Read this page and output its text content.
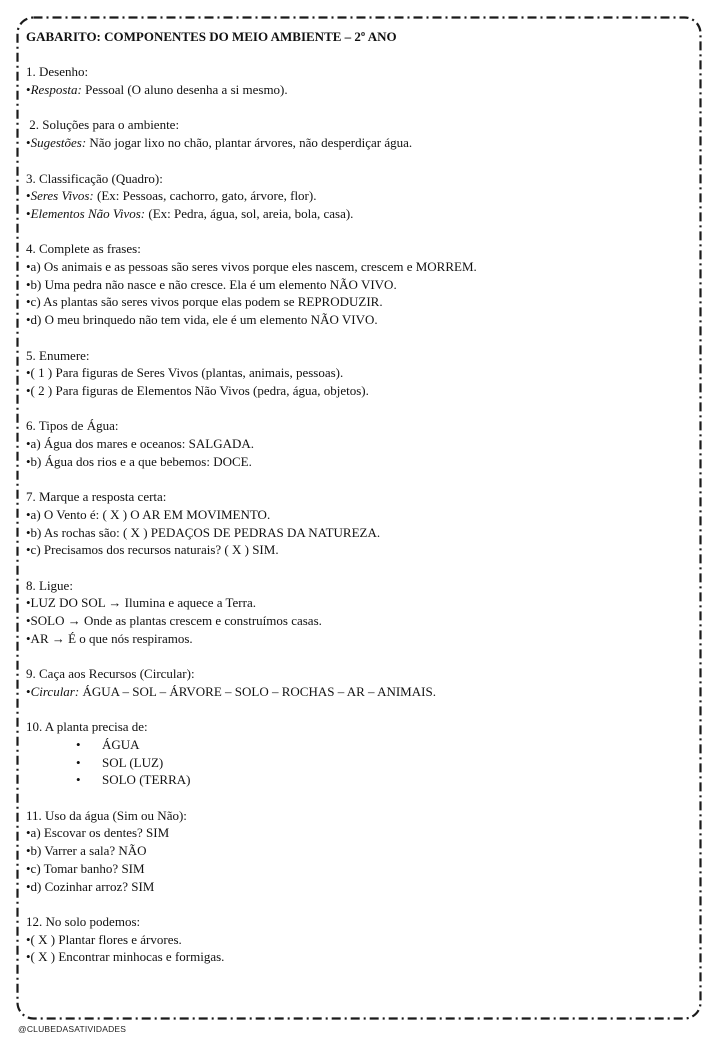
GABARITO: COMPONENTES DO MEIO AMBIENTE – 2º ANO
1. Desenho:
•Resposta: Pessoal (O aluno desenha a si mesmo).
2. Soluções para o ambiente:
•Sugestões: Não jogar lixo no chão, plantar árvores, não desperdiçar água.
3. Classificação (Quadro):
•Seres Vivos: (Ex: Pessoas, cachorro, gato, árvore, flor).
•Elementos Não Vivos: (Ex: Pedra, água, sol, areia, bola, casa).
4. Complete as frases:
•a) Os animais e as pessoas são seres vivos porque eles nascem, crescem e MORREM.
•b) Uma pedra não nasce e não cresce. Ela é um elemento NÃO VIVO.
•c) As plantas são seres vivos porque elas podem se REPRODUZIR.
•d) O meu brinquedo não tem vida, ele é um elemento NÃO VIVO.
5. Enumere:
•( 1 ) Para figuras de Seres Vivos (plantas, animais, pessoas).
•( 2 ) Para figuras de Elementos Não Vivos (pedra, água, objetos).
6. Tipos de Água:
•a) Água dos mares e oceanos: SALGADA.
•b) Água dos rios e a que bebemos: DOCE.
7. Marque a resposta certa:
•a) O Vento é: ( X ) O AR EM MOVIMENTO.
•b) As rochas são: ( X ) PEDAÇOS DE PEDRAS DA NATUREZA.
•c) Precisamos dos recursos naturais? ( X ) SIM.
8. Ligue:
•LUZ DO SOL → Ilumina e aquece a Terra.
•SOLO → Onde as plantas crescem e construímos casas.
•AR → É o que nós respiramos.
9. Caça aos Recursos (Circular):
•Circular: ÁGUA – SOL – ÁRVORE – SOLO – ROCHAS – AR – ANIMAIS.
10. A planta precisa de:
• ÁGUA
• SOL (LUZ)
• SOLO (TERRA)
11. Uso da água (Sim ou Não):
•a) Escovar os dentes? SIM
•b) Varrer a sala? NÃO
•c) Tomar banho? SIM
•d) Cozinhar arroz? SIM
12. No solo podemos:
•( X ) Plantar flores e árvores.
•( X ) Encontrar minhocas e formigas.
@CLUBEDASATIVIDADES
